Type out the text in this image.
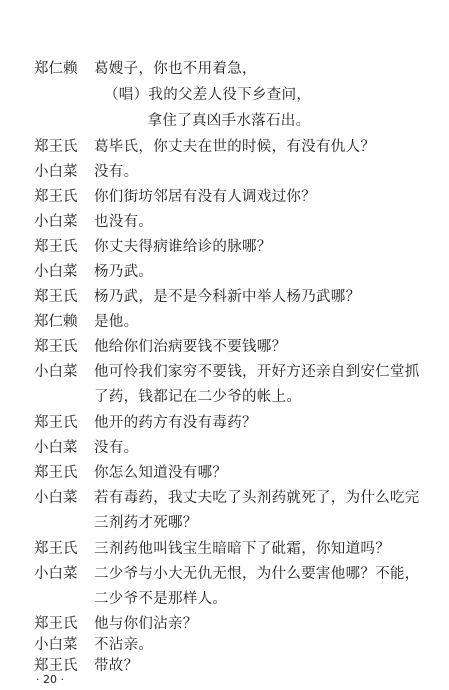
郑仁赖	葛嫂子，你也不用着急，
（唱）我的父差人役下乡查问，
　　拿住了真凶手水落石出。
郑王氏	葛毕氏，你丈夫在世的时候，有没有仇人？
小白菜	没有。
郑王氏	你们街坊邻居有没有人调戏过你？
小白菜	也没有。
郑王氏	你丈夫得病谁给诊的脉哪？
小白菜	杨乃武。
郑王氏	杨乃武，是不是今科新中举人杨乃武哪？
郑仁赖	是他。
郑王氏	他给你们治病要钱不要钱哪？
小白菜	他可怜我们家穷不要钱，开好方还亲自到安仁堂抓
了药，钱都记在二少爷的帐上。
郑王氏	他开的药方有没有毒药？
小白菜	没有。
郑王氏	你怎么知道没有哪？
小白菜	若有毒药，我丈夫吃了头剂药就死了，为什么吃完
三剂药才死哪？
郑王氏	三剂药他叫钱宝生暗暗下了砒霜，你知道吗？
小白菜	二少爷与小大无仇无恨，为什么要害他哪？不能，
二少爷不是那样人。
郑王氏	他与你们沾亲？
小白菜	不沾亲。
郑王氏	带故？
· 20 ·
